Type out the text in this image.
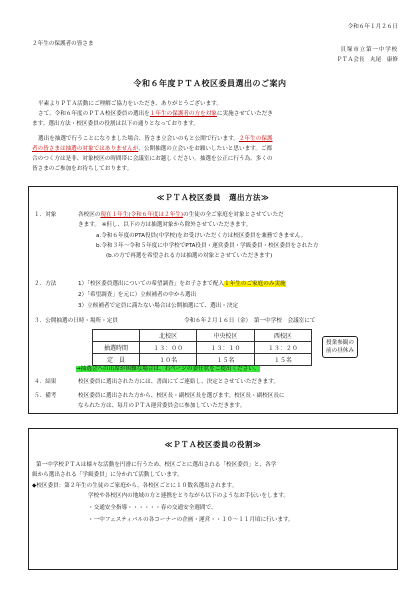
令和６年１月２６日
２年生の保護者の皆さま
貝塚市立第一中学校
ＰＴＡ会長　丸尾　康修
令和６年度ＰＴＡ校区委員選出のご案内
平素よりＰＴＡ活動にご理解ご協力をいただき、ありがとうございます。
さて、令和６年度のＰＴＡ校区委員の選出を１年生の保護者の方を対象に実施させていただき
ます。選出方法・校区委員の役割は以下の通りとなっております。
選出を抽選で行うことになりました場合、皆さま立会いのもと公開で行います。２年生の保護
者の皆さまは抽選の対象ではありませんが、公開抽選の立会いをお願いしたいと思います。ご都
合のつく方は是非、対象校区の時間帯に会議室にお越しください。抽選を公正に行う為、多くの
皆さまのご参加をお待ちしております。
≪ＰＴＡ校区委員　選出方法≫
１．対象	各校区の現在１年生(令和６年度は２年生)の生徒の全ご家庭を対象とさせていただ
きます。 ※但し、以下の方は抽選対象から除外させていただきます。
a.令和６年度のPTA役員(中学校)をお受けいただく方は校区委員を兼務できません。
b.令和３年～令和５年度に中学校でPTA役員・運営委員・学級委員・校区委員をされた方
(b.の方で再選を希望される方は抽選の対象とさせていただきます)
２．方法	1）「校区委員選出についての希望調査」をお子さまで配入１年生のご家庭のみ実施
2）「希望調査」を元に）立候補者の中から選出
3）立候補者で定員に満たない場合は公開抽選にて、選出・決定
３．公開抽選の日時・場所・定員	令和６年２月１６日（金）　第一中学校　会議室にて
	北校区	中央校区	西校区
抽選時間	１３：００	１３：１０	１３：２０
定　員	１０名	１５名	１５名
授業参観の
前の昼休み
→抽選会への出席が困難な場合は、右ページの委任状をご提出ください。
４．結果	校区委員に選出された方には、書面にてご連絡し、決定とさせていただきます。
５．備考	校区委員に選出された方から、校区長・副校区長を選びます。校区長・副校区長に
なられた方は、毎月のＰＴＡ運営委員会に参加していただきます。
≪ＰＴＡ校区委員の役割≫
第一中学校ＰＴＡは様々な活動を円滑に行うため、校区ごとに選出される「校区委員」と、各学
級から選出される「学級委員」に分かれて活動しています。
◆校区委員：第２年生の生徒のご家庭から、各校区ごとに１０数名選出されます。
学校や各校区内の地域の方と連携をとりながら以下のようなお手伝いをします。
・交通安全指導・・・・・・春の交通安全週間で、
・一中フェスティバルの各コーナーの企画・運営・・１０～１１月頃に行います。
